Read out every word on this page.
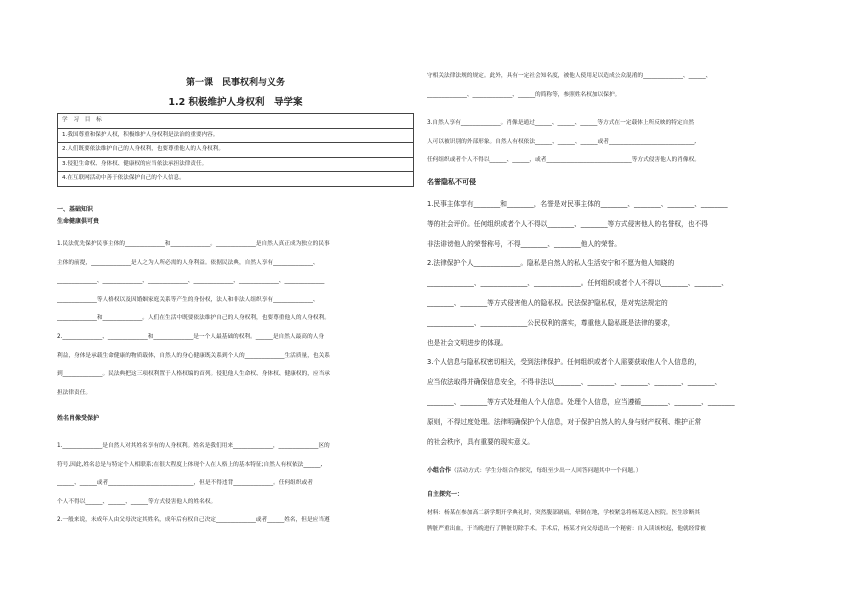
第一课　民事权利与义务
1.2 积极维护人身权利　导学案
学 习 目 标
1.我国尊重和保护人权，积极维护人身权利是法治的重要内容。
2.人们既要依法维护自己的人身权利，也要尊重他人的人身权利。
3.侵犯生命权、身体权、健康权的应当依法承担法律责任。
4.在互联网活动中善于依法保护自己的个人信息。

一、基础知识

生命健康俱可贵

1.民法优先保护民事主体的______________和______________。______________是自然人真正成为独立的民事

主体的前提，______________是人之为人所必需的人身利益。依据民法典，自然人享有______________、

______________、______________、______________、______________、______________、______________

______________等人格权以及因婚姻家庭关系等产生的身份权，法人和非法人组织享有______________、

______________和______________。人们在生活中既要依法维护自己的人身权利，也要尊重他人的人身权利。

2.______________、______________和______________是一个人最基础的权利。______是自然人最高的人身

利益，身体是承载生命健康的物质载体，自然人的身心健康既关系到个人的______________生活质量，也关系

到______________。民法典把这三项权利置于人格权编的首列。侵犯他人生命权、身体权、健康权的，应当承

担法律责任。

姓名肖像受保护

1.______________是自然人对其姓名享有的人身权利。姓名是我们用来______________，______________区的

符号,因此,姓名总是与特定个人相联系;在很大程度上体现个人在人格上的基本特征;自然人有权依法______,

______、______或者______________________________，但是不得违背______________。任何组织或者

个人不得以______、______、______等方式侵害他人的姓名权。

2.一般来说，未成年人由父母决定其姓名，成年后有权自己决定______________或者______姓名，但是应当遵

守相关法律法规的规定。此外，具有一定社会知名度，被他人使用足以造成公众混淆的______________、______、

______________、______________、______的简称等，参照姓名权加以保护。

3.自然人享有______________。肖像是通过______、______、______等方式在一定载体上所反映的特定自然

人可以被识别的外部形象。自然人有权依法______、______、______或者______________________________,

任何组织或者个人不得以______、______，或者______________________________等方式侵害他人的肖像权。

名誉隐私不可侵

1.民事主体享有________和________，名誉是对民事主体的________、________、________、________

等的社会评价。任何组织或者个人不得以________、________等方式侵害他人的名誉权，也不得

非法诽谤他人的荣誉称号，不得________、________他人的荣誉。

2.法律保护个人______________。隐私是自然人的私人生活安宁和不愿为他人知晓的

______________、______________、______________。任何组织或者个人不得以________、________、

________、________等方式侵害他人的隐私权。民法保护隐私权，是对宪法规定的

______________、______________公民权利的落实，尊重他人隐私既是法律的要求，

也是社会文明进步的体现。

3.个人信息与隐私权密切相关，受到法律保护。任何组织或者个人需要获取他人个人信息的，

应当依法取得并确保信息安全，不得非法以________、________、________、________、________、

________、________等方式处理他人个人信息。处理个人信息，应当遵循________、________、________

原则，不得过度处理。法律明确保护个人信息，对于保护自然人的人身与财产权利、维护正常

的社会秩序，具有重要的现实意义。

小组合作（活动方式：学生分组合作探究，每组至少出一人回答问题其中一个问题。）

自主探究一：

材料：杨某在参加高二新学期开学典礼时，突然腹部剧痛，晕倒在地，学校紧急将杨某送入医院。医生诊断其

脾脏严重出血，于当晚进行了脾脏切除手术。手术后，杨某才向父母道出一个秘密：自入读该校起，他就经常被
